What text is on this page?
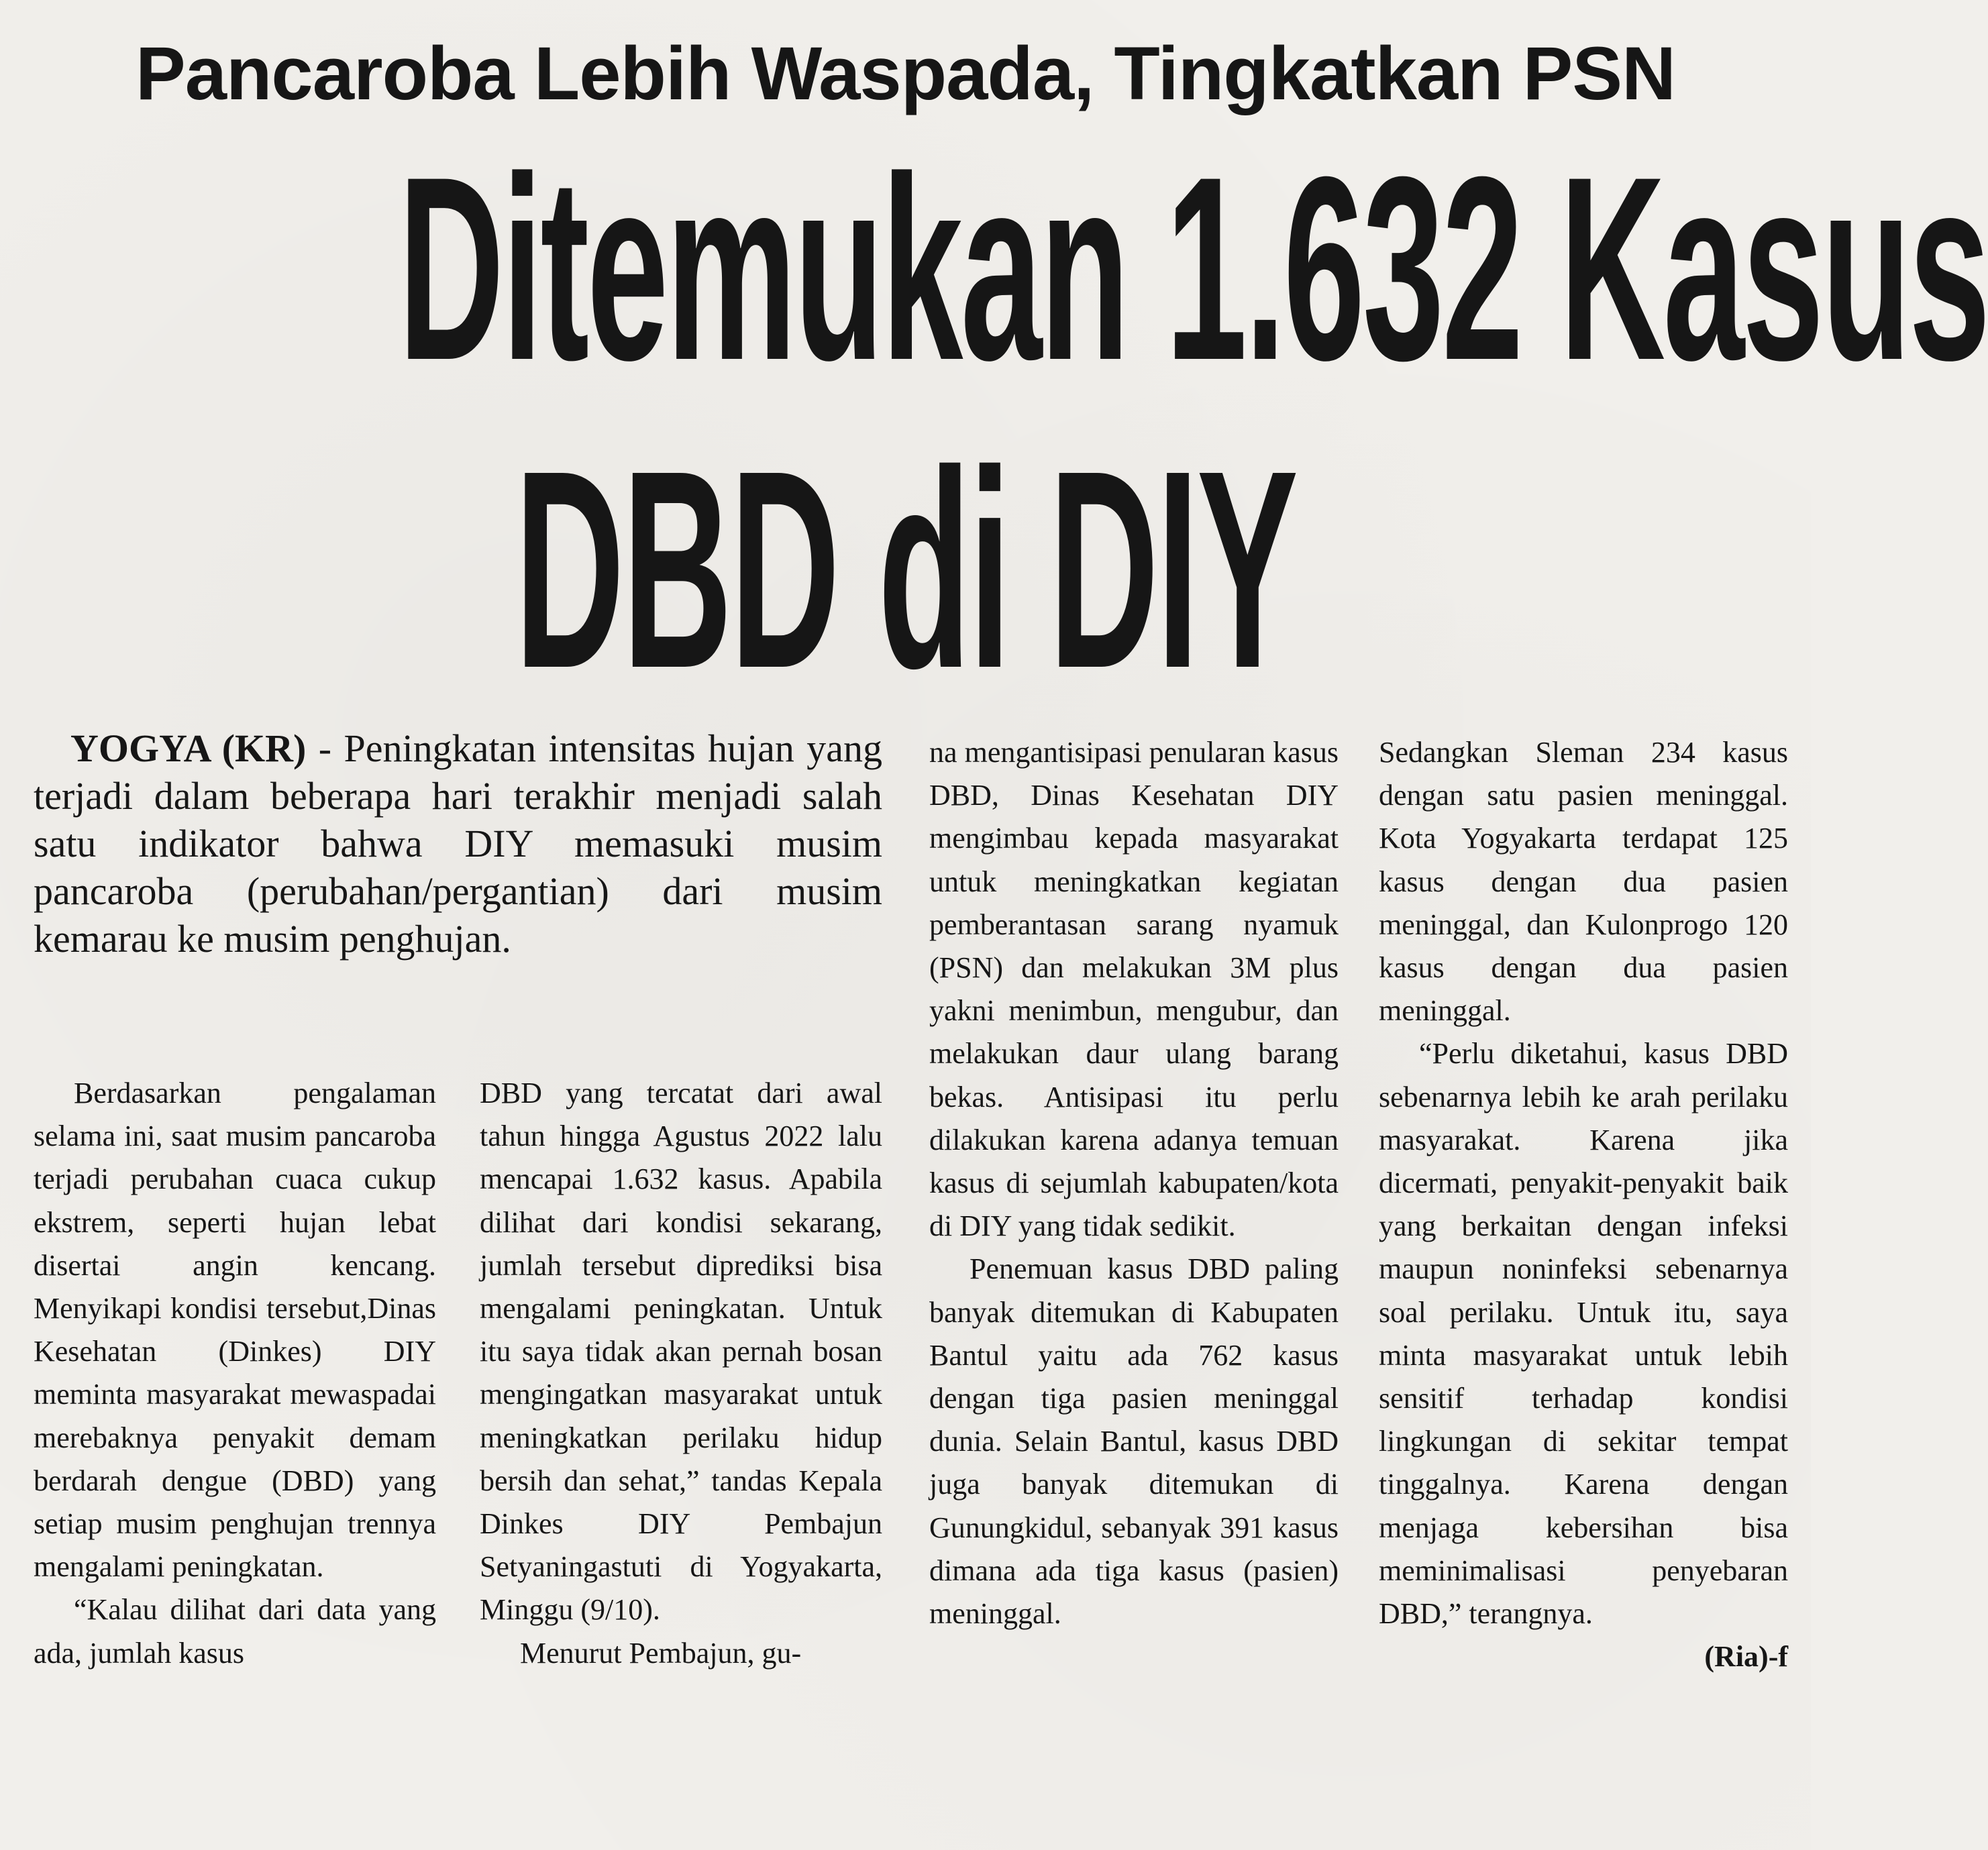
Pancaroba Lebih Waspada, Tingkatkan PSN
Ditemukan 1.632 Kasus
DBD di DIY

YOGYA (KR) - Peningkatan intensitas hujan yang terjadi dalam beberapa hari terakhir menjadi salah satu indikator bahwa DIY memasuki musim pancaroba (perubahan/pergantian) dari musim kemarau ke musim penghujan.

Berdasarkan pengalaman selama ini, saat musim pancaroba terjadi perubahan cuaca cukup ekstrem, seperti hujan lebat disertai angin kencang. Menyikapi kondisi tersebut,Dinas Kesehatan (Dinkes) DIY meminta masyarakat mewaspadai merebaknya penyakit demam berdarah dengue (DBD) yang setiap musim penghujan trennya mengalami peningkatan.

“Kalau dilihat dari data yang ada, jumlah kasus

DBD yang tercatat dari awal tahun hingga Agustus 2022 lalu mencapai 1.632 kasus. Apabila dilihat dari kondisi sekarang, jumlah tersebut diprediksi bisa mengalami peningkatan. Untuk itu saya tidak akan pernah bosan mengingatkan masyarakat untuk meningkatkan perilaku hidup bersih dan sehat,” tandas Kepala Dinkes DIY Pembajun Setyaningastuti di Yogyakarta, Minggu (9/10).

Menurut Pembajun, gu-

na mengantisipasi penularan kasus DBD, Dinas Kesehatan DIY mengimbau kepada masyarakat untuk meningkatkan kegiatan pemberantasan sarang nyamuk (PSN) dan melakukan 3M plus yakni menimbun, mengubur, dan melakukan daur ulang barang bekas. Antisipasi itu perlu dilakukan karena adanya temuan kasus di sejumlah kabupaten/kota di DIY yang tidak sedikit.

Penemuan kasus DBD paling banyak ditemukan di Kabupaten Bantul yaitu ada 762 kasus dengan tiga pasien meninggal dunia. Selain Bantul, kasus DBD juga banyak ditemukan di Gunungkidul, sebanyak 391 kasus dimana ada tiga kasus (pasien) meninggal.

Sedangkan Sleman 234 kasus dengan satu pasien meninggal. Kota Yogyakarta terdapat 125 kasus dengan dua pasien meninggal, dan Kulonprogo 120 kasus dengan dua pasien meninggal.

“Perlu diketahui, kasus DBD sebenarnya lebih ke arah perilaku masyarakat. Karena jika dicermati, penyakit-penyakit baik yang berkaitan dengan infeksi maupun noninfeksi sebenarnya soal perilaku. Untuk itu, saya minta masyarakat untuk lebih sensitif terhadap kondisi lingkungan di sekitar tempat tinggalnya. Karena dengan menjaga kebersihan bisa meminimalisasi penyebaran DBD,” terangnya.

(Ria)-f
